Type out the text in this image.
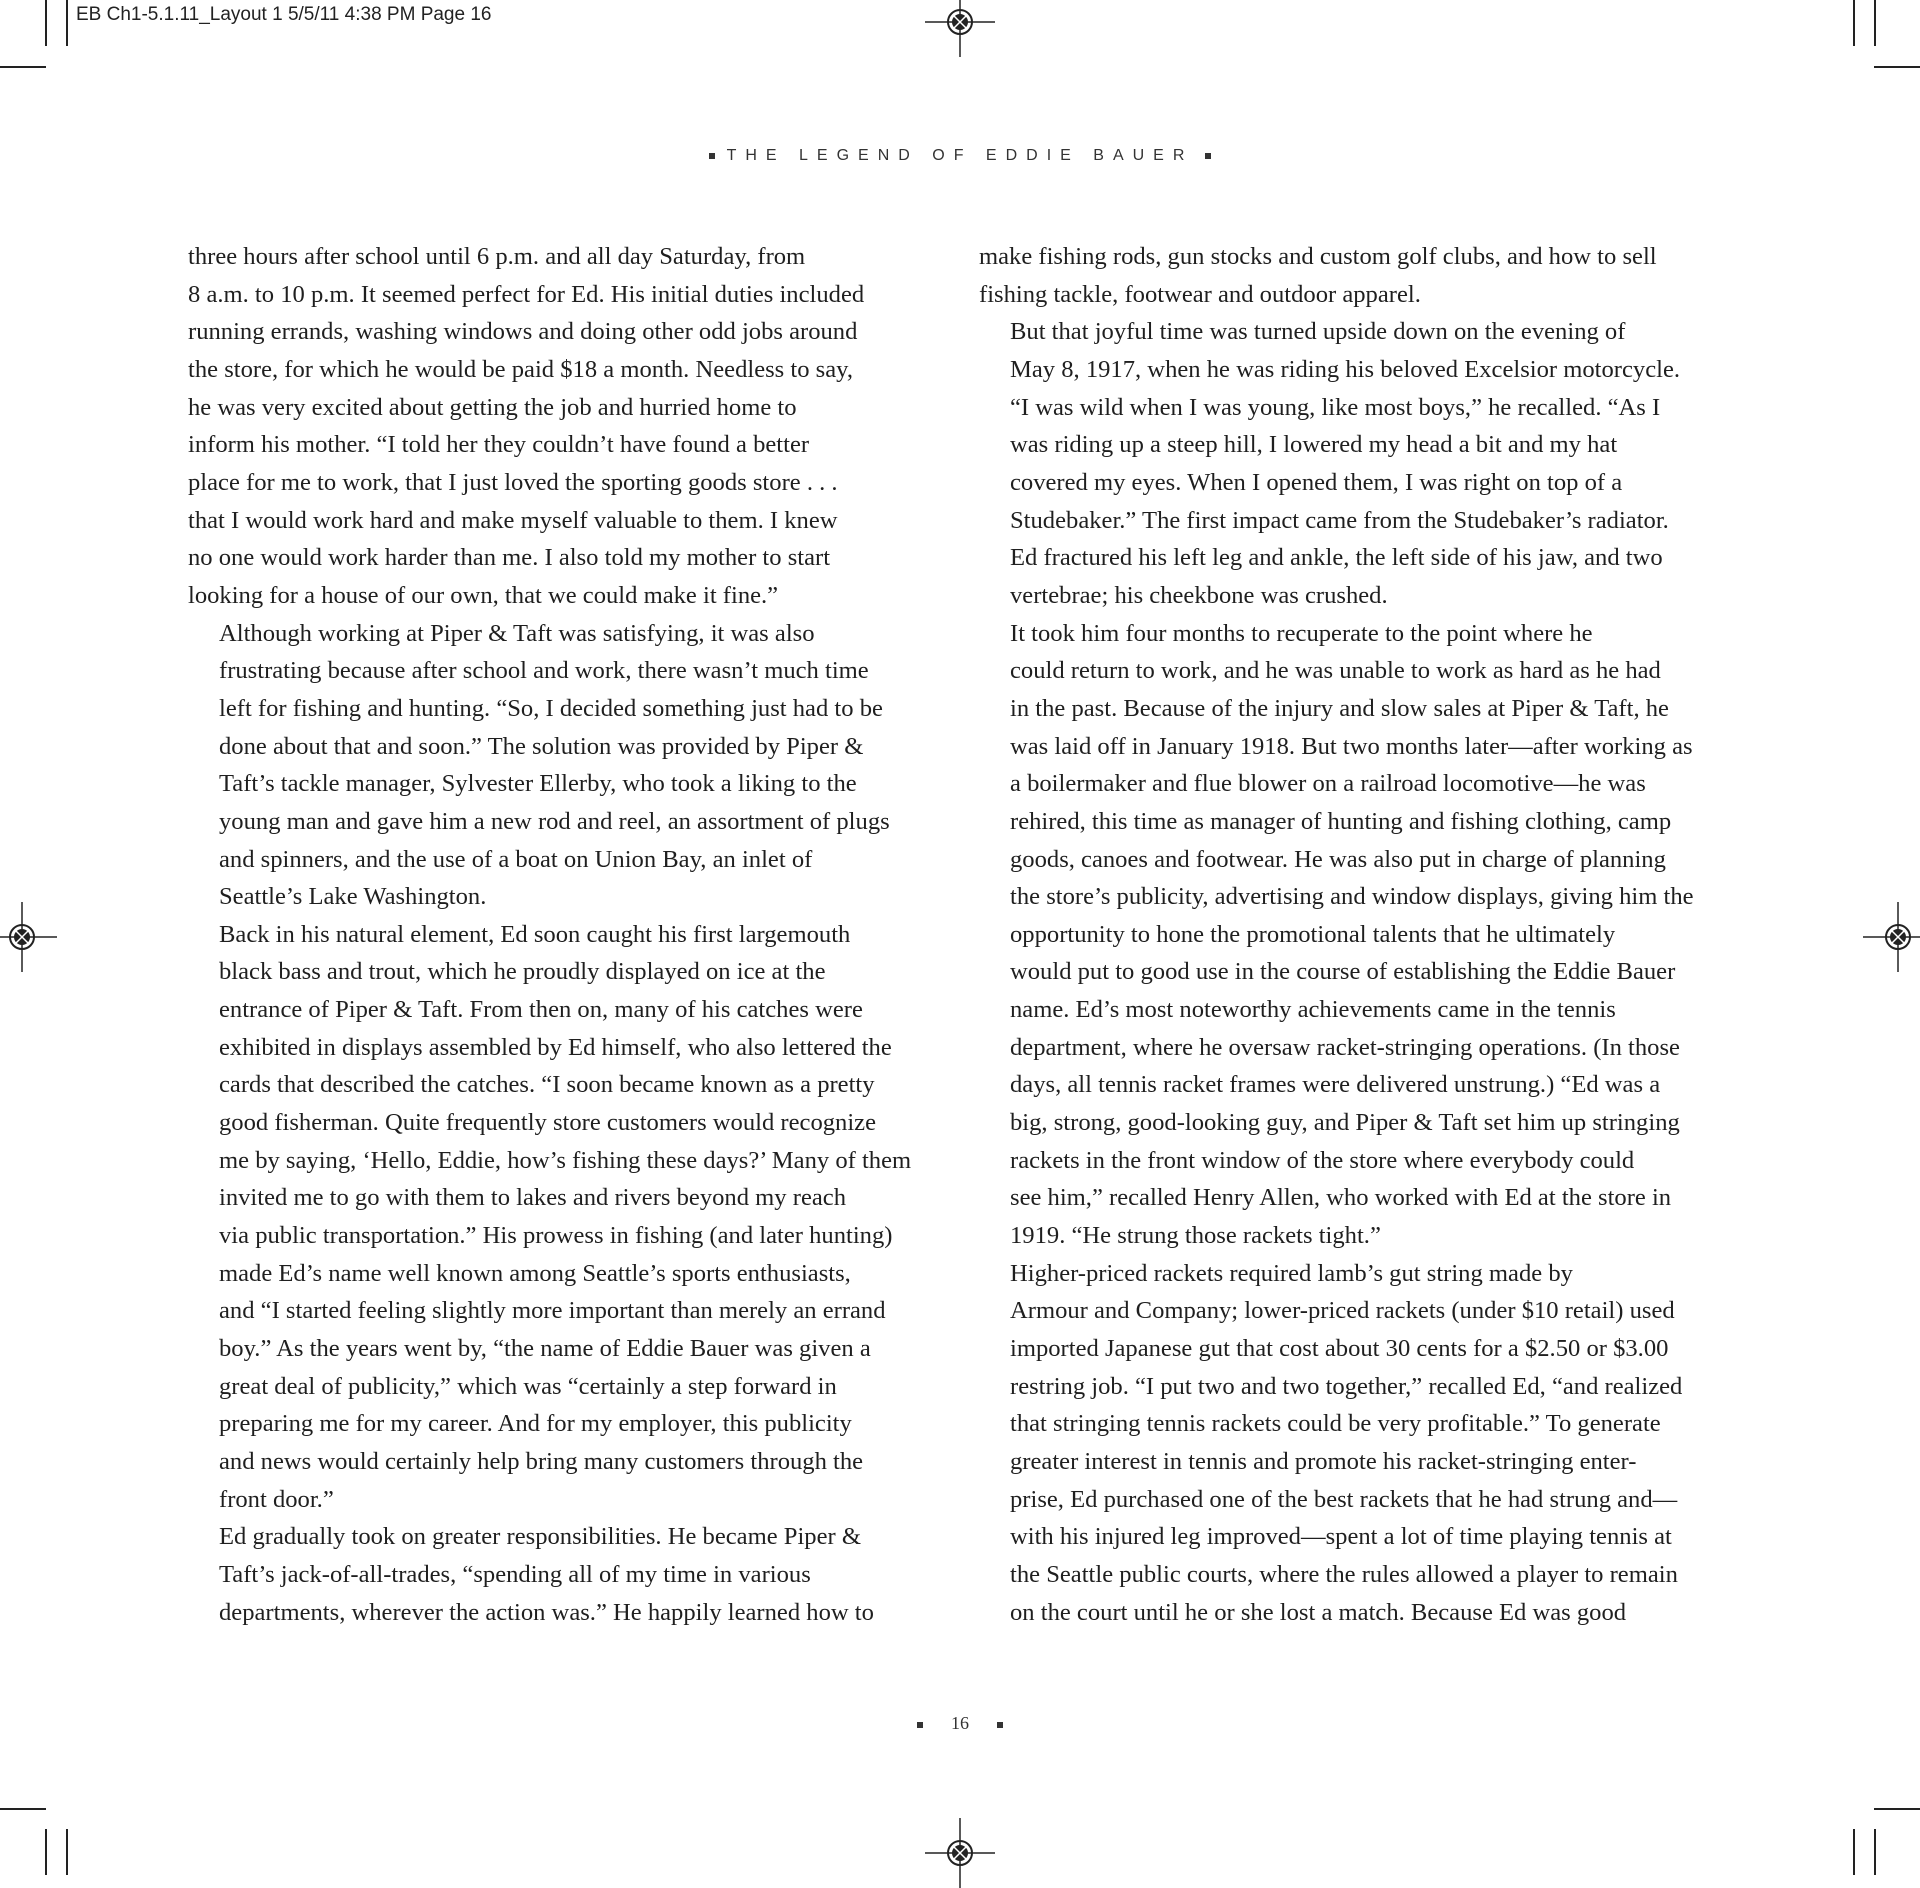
EB Ch1-5.1.11_Layout 1 5/5/11 4:38 PM Page 16
THE LEGEND OF EDDIE BAUER

three hours after school until 6 p.m. and all day Saturday, from
8 a.m. to 10 p.m. It seemed perfect for Ed. His initial duties included
running errands, washing windows and doing other odd jobs around
the store, for which he would be paid $18 a month. Needless to say,
he was very excited about getting the job and hurried home to
inform his mother. “I told her they couldn’t have found a better
place for me to work, that I just loved the sporting goods store . . .
that I would work hard and make myself valuable to them. I knew
no one would work harder than me. I also told my mother to start
looking for a house of our own, that we could make it fine.”

Although working at Piper & Taft was satisfying, it was also
frustrating because after school and work, there wasn’t much time
left for fishing and hunting. “So, I decided something just had to be
done about that and soon.” The solution was provided by Piper &
Taft’s tackle manager, Sylvester Ellerby, who took a liking to the
young man and gave him a new rod and reel, an assortment of plugs
and spinners, and the use of a boat on Union Bay, an inlet of
Seattle’s Lake Washington.

Back in his natural element, Ed soon caught his first largemouth
black bass and trout, which he proudly displayed on ice at the
entrance of Piper & Taft. From then on, many of his catches were
exhibited in displays assembled by Ed himself, who also lettered the
cards that described the catches. “I soon became known as a pretty
good fisherman. Quite frequently store customers would recognize
me by saying, ‘Hello, Eddie, how’s fishing these days?’ Many of them
invited me to go with them to lakes and rivers beyond my reach
via public transportation.” His prowess in fishing (and later hunting)
made Ed’s name well known among Seattle’s sports enthusiasts,
and “I started feeling slightly more important than merely an errand
boy.” As the years went by, “the name of Eddie Bauer was given a
great deal of publicity,” which was “certainly a step forward in
preparing me for my career. And for my employer, this publicity
and news would certainly help bring many customers through the
front door.”

Ed gradually took on greater responsibilities. He became Piper &
Taft’s jack-of-all-trades, “spending all of my time in various
departments, wherever the action was.” He happily learned how to

make fishing rods, gun stocks and custom golf clubs, and how to sell
fishing tackle, footwear and outdoor apparel.

But that joyful time was turned upside down on the evening of
May 8, 1917, when he was riding his beloved Excelsior motorcycle.
“I was wild when I was young, like most boys,” he recalled. “As I
was riding up a steep hill, I lowered my head a bit and my hat
covered my eyes. When I opened them, I was right on top of a
Studebaker.” The first impact came from the Studebaker’s radiator.
Ed fractured his left leg and ankle, the left side of his jaw, and two
vertebrae; his cheekbone was crushed.

It took him four months to recuperate to the point where he
could return to work, and he was unable to work as hard as he had
in the past. Because of the injury and slow sales at Piper & Taft, he
was laid off in January 1918. But two months later—after working as
a boilermaker and flue blower on a railroad locomotive—he was
rehired, this time as manager of hunting and fishing clothing, camp
goods, canoes and footwear. He was also put in charge of planning
the store’s publicity, advertising and window displays, giving him the
opportunity to hone the promotional talents that he ultimately
would put to good use in the course of establishing the Eddie Bauer
name. Ed’s most noteworthy achievements came in the tennis
department, where he oversaw racket-stringing operations. (In those
days, all tennis racket frames were delivered unstrung.) “Ed was a
big, strong, good-looking guy, and Piper & Taft set him up stringing
rackets in the front window of the store where everybody could
see him,” recalled Henry Allen, who worked with Ed at the store in
1919. “He strung those rackets tight.”

Higher-priced rackets required lamb’s gut string made by
Armour and Company; lower-priced rackets (under $10 retail) used
imported Japanese gut that cost about 30 cents for a $2.50 or $3.00
restring job. “I put two and two together,” recalled Ed, “and realized
that stringing tennis rackets could be very profitable.” To generate
greater interest in tennis and promote his racket-stringing enter-
prise, Ed purchased one of the best rackets that he had strung and—
with his injured leg improved—spent a lot of time playing tennis at
the Seattle public courts, where the rules allowed a player to remain
on the court until he or she lost a match. Because Ed was good

16
